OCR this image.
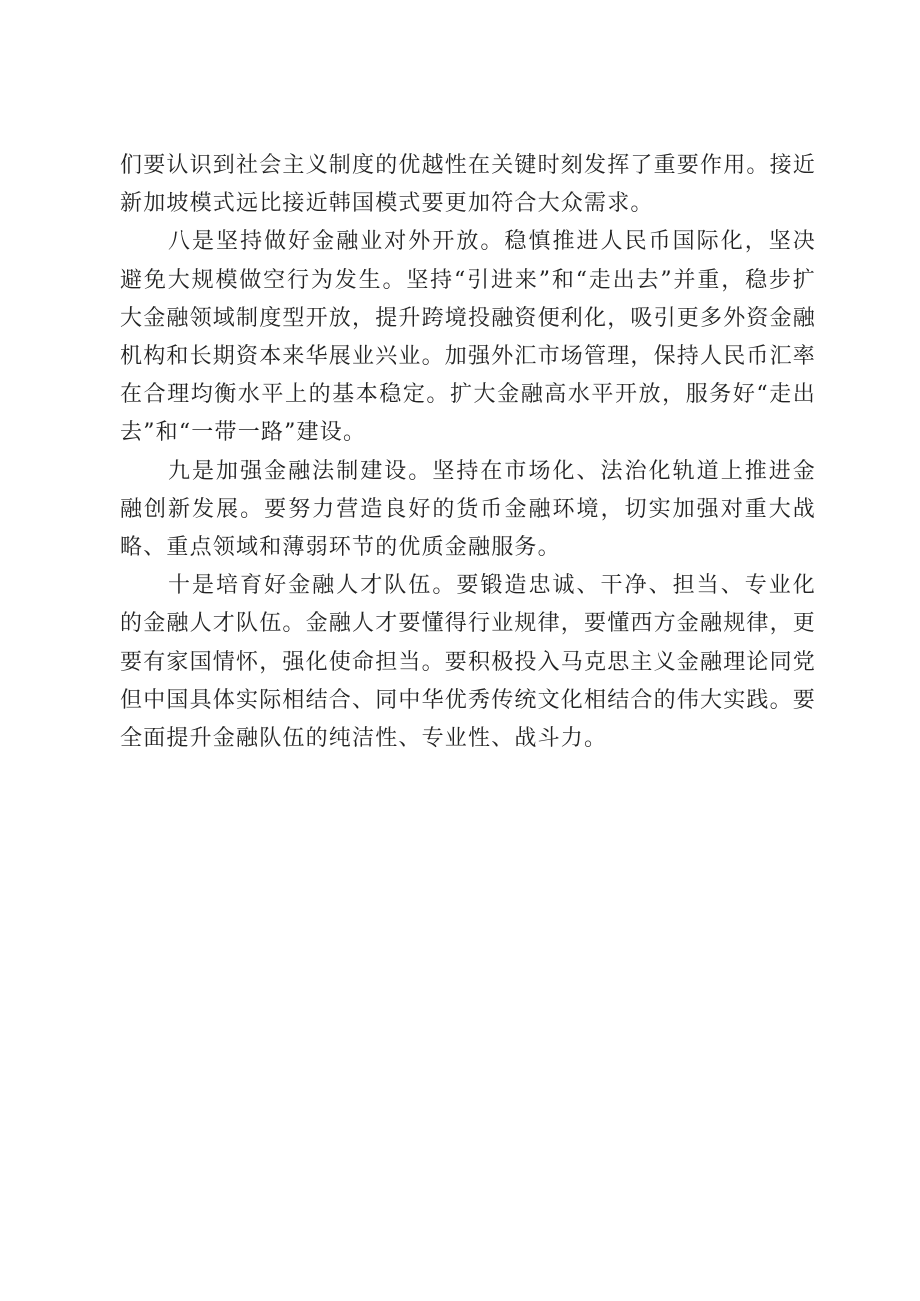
们要认识到社会主义制度的优越性在关键时刻发挥了重要作用。接近新加坡模式远比接近韩国模式要更加符合大众需求。

八是坚持做好金融业对外开放。稳慎推进人民币国际化，坚决避免大规模做空行为发生。坚持“引进来”和“走出去”并重，稳步扩大金融领域制度型开放，提升跨境投融资便利化，吸引更多外资金融机构和长期资本来华展业兴业。加强外汇市场管理，保持人民币汇率在合理均衡水平上的基本稳定。扩大金融高水平开放，服务好“走出去”和“一带一路”建设。

九是加强金融法制建设。坚持在市场化、法治化轨道上推进金融创新发展。要努力营造良好的货币金融环境，切实加强对重大战略、重点领域和薄弱环节的优质金融服务。

十是培育好金融人才队伍。要锻造忠诚、干净、担当、专业化的金融人才队伍。金融人才要懂得行业规律，要懂西方金融规律，更要有家国情怀，强化使命担当。要积极投入马克思主义金融理论同党但中国具体实际相结合、同中华优秀传统文化相结合的伟大实践。要全面提升金融队伍的纯洁性、专业性、战斗力。
